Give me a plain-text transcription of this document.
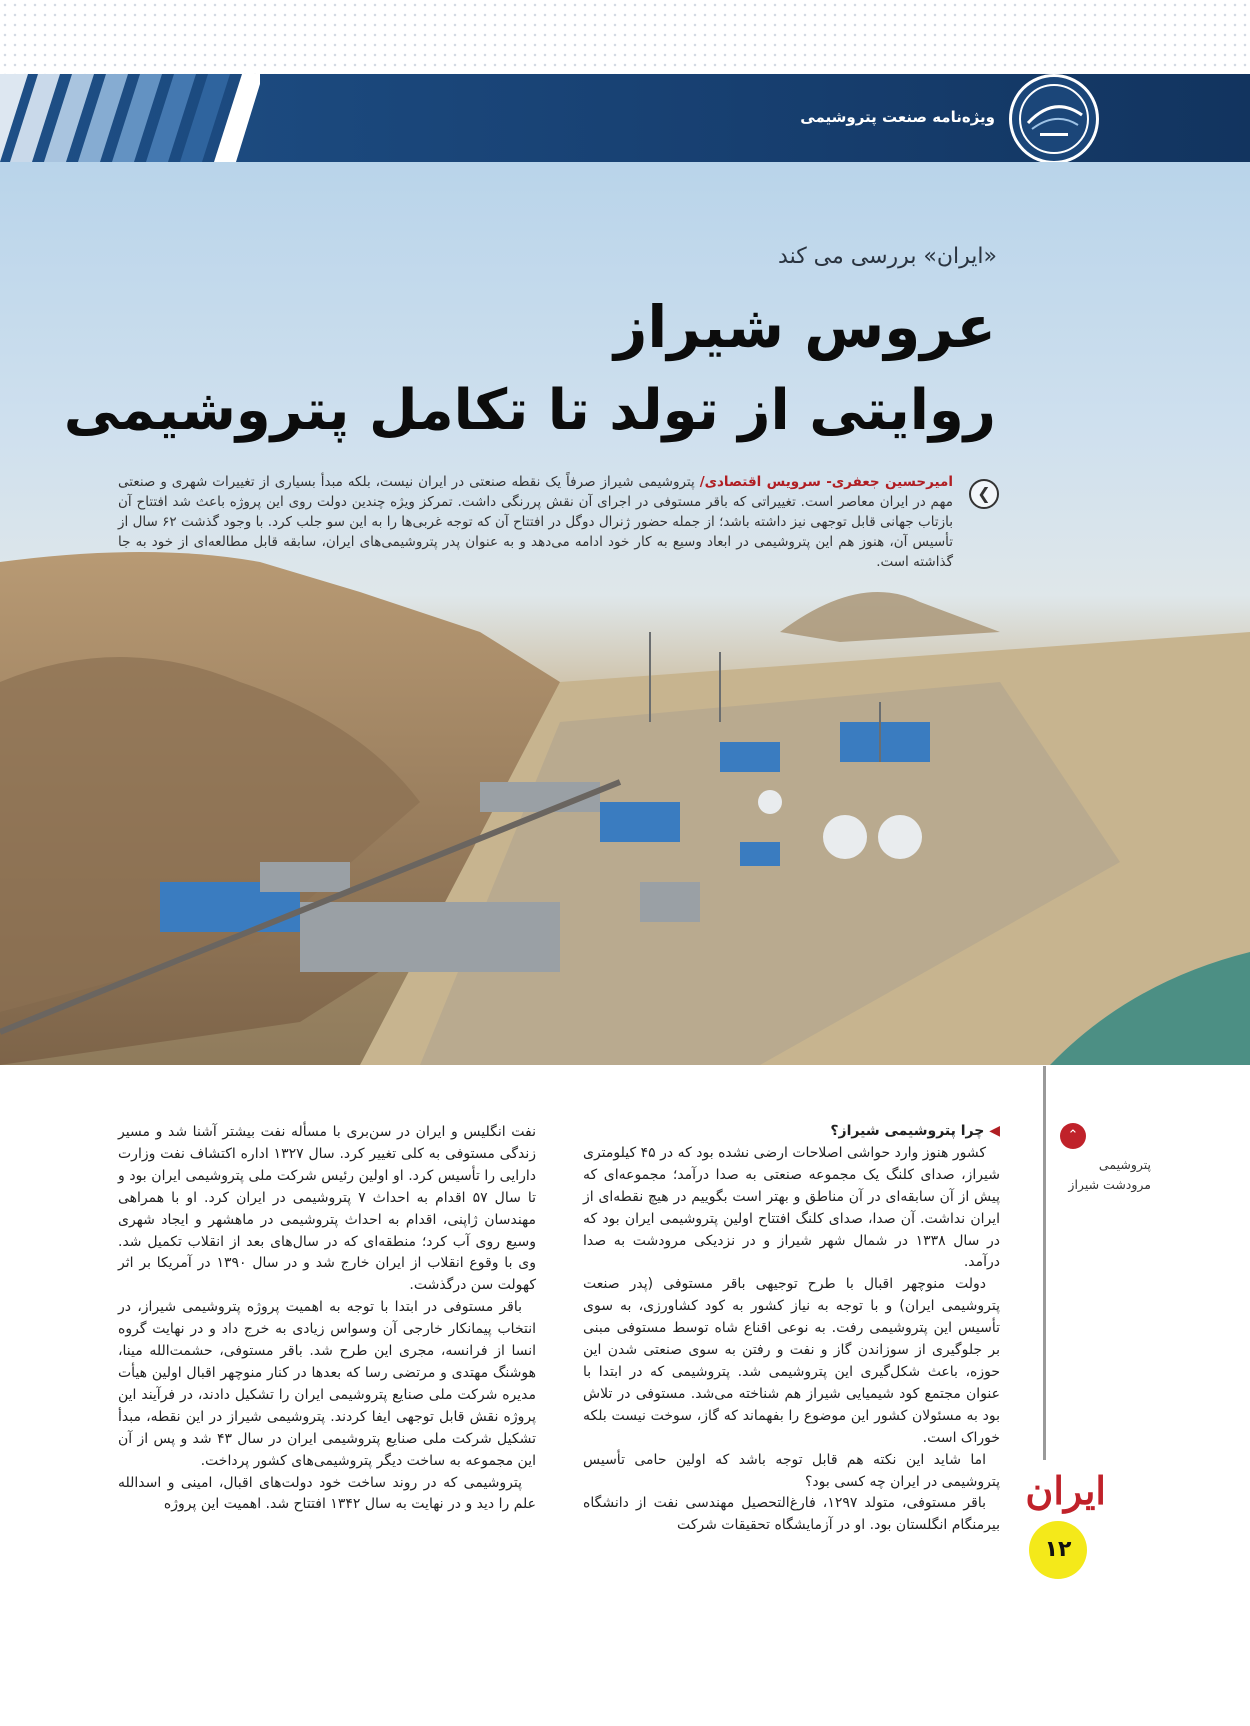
ویژه‌نامه صنعت پتروشیمی
«ایران» بررسی می کند
عروس شیراز
روایتی از تولد تا تکامل پتروشیمی
❮
امیرحسین جعفری- سرویس اقتصادی/ پتروشیمی شیراز صرفاً یک نقطه صنعتی در ایران نیست، بلکه مبدأ بسیاری از تغییرات شهری و صنعتی مهم در ایران معاصر است. تغییراتی که باقر مستوفی در اجرای آن نقش پررنگی داشت. تمرکز ویژه چندین دولت روی این پروژه باعث شد افتتاح آن بازتاب جهانی قابل توجهی نیز داشته باشد؛ از جمله حضور ژنرال دوگل در افتتاح آن که توجه غربی‌ها را به این سو جلب کرد. با وجود گذشت ۶۲ سال از تأسیس آن، هنوز هم این پتروشیمی در ابعاد وسیع به کار خود ادامه می‌دهد و به عنوان پدر پتروشیمی‌های ایران، سابقه قابل مطالعه‌ای از خود به جا گذاشته است.
⌃
پتروشیمی
مرودشت شیراز

◀ چرا پتروشیمی شیراز؟

کشور هنوز وارد حواشی اصلاحات ارضی نشده بود که در ۴۵ کیلومتری شیراز، صدای کلنگ یک مجموعه صنعتی به صدا درآمد؛ مجموعه‌ای که پیش از آن سابقه‌ای در آن مناطق و بهتر است بگوییم در هیچ نقطه‌ای از ایران نداشت. آن صدا، صدای کلنگ افتتاح اولین پتروشیمی ایران بود که در سال ۱۳۳۸ در شمال شهر شیراز و در نزدیکی مرودشت به صدا درآمد.

دولت منوچهر اقبال با طرح توجیهی باقر مستوفی (پدر صنعت پتروشیمی ایران) و با توجه به نیاز کشور به کود کشاورزی، به سوی تأسیس این پتروشیمی رفت. به نوعی اقناع شاه توسط مستوفی مبنی بر جلوگیری از سوزاندن گاز و نفت و رفتن به سوی صنعتی شدن این حوزه، باعث شکل‌گیری این پتروشیمی شد. پتروشیمی که در ابتدا با عنوان مجتمع کود شیمیایی شیراز هم شناخته می‌شد. مستوفی در تلاش بود به مسئولان کشور این موضوع را بفهماند که گاز، سوخت نیست بلکه خوراک است.

اما شاید این نکته هم قابل توجه باشد که اولین حامی تأسیس پتروشیمی در ایران چه کسی بود؟

باقر مستوفی، متولد ۱۲۹۷، فارغ‌التحصیل مهندسی نفت از دانشگاه بیرمنگام انگلستان بود. او در آزمایشگاه تحقیقات شرکت

نفت انگلیس و ایران در سن‌بری با مسأله نفت بیشتر آشنا شد و مسیر زندگی مستوفی به کلی تغییر کرد. سال ۱۳۲۷ اداره اکتشاف نفت وزارت دارایی را تأسیس کرد. او اولین رئیس شرکت ملی پتروشیمی ایران بود و تا سال ۵۷ اقدام به احداث ۷ پتروشیمی در ایران کرد. او با همراهی مهندسان ژاپنی، اقدام به احداث پتروشیمی در ماهشهر و ایجاد شهری وسیع روی آب کرد؛ منطقه‌ای که در سال‌های بعد از انقلاب تکمیل شد. وی با وقوع انقلاب از ایران خارج شد و در سال ۱۳۹۰ در آمریکا بر اثر کهولت سن درگذشت.

باقر مستوفی در ابتدا با توجه به اهمیت پروژه پتروشیمی شیراز، در انتخاب پیمانکار خارجی آن وسواس زیادی به خرج داد و در نهایت گروه انسا از فرانسه، مجری این طرح شد. باقر مستوفی، حشمت‌الله مینا، هوشنگ مهتدی و مرتضی رسا که بعدها در کنار منوچهر اقبال اولین هیأت مدیره شرکت ملی صنایع پتروشیمی ایران را تشکیل دادند، در فرآیند این پروژه نقش قابل توجهی ایفا کردند. پتروشیمی شیراز در این نقطه، مبدأ تشکیل شرکت ملی صنایع پتروشیمی ایران در سال ۴۳ شد و پس از آن این مجموعه به ساخت دیگر پتروشیمی‌های کشور پرداخت.

پتروشیمی که در روند ساخت خود دولت‌های اقبال، امینی و اسدالله علم را دید و در نهایت به سال ۱۳۴۲ افتتاح شد. اهمیت این پروژه	ایران
۱۲
